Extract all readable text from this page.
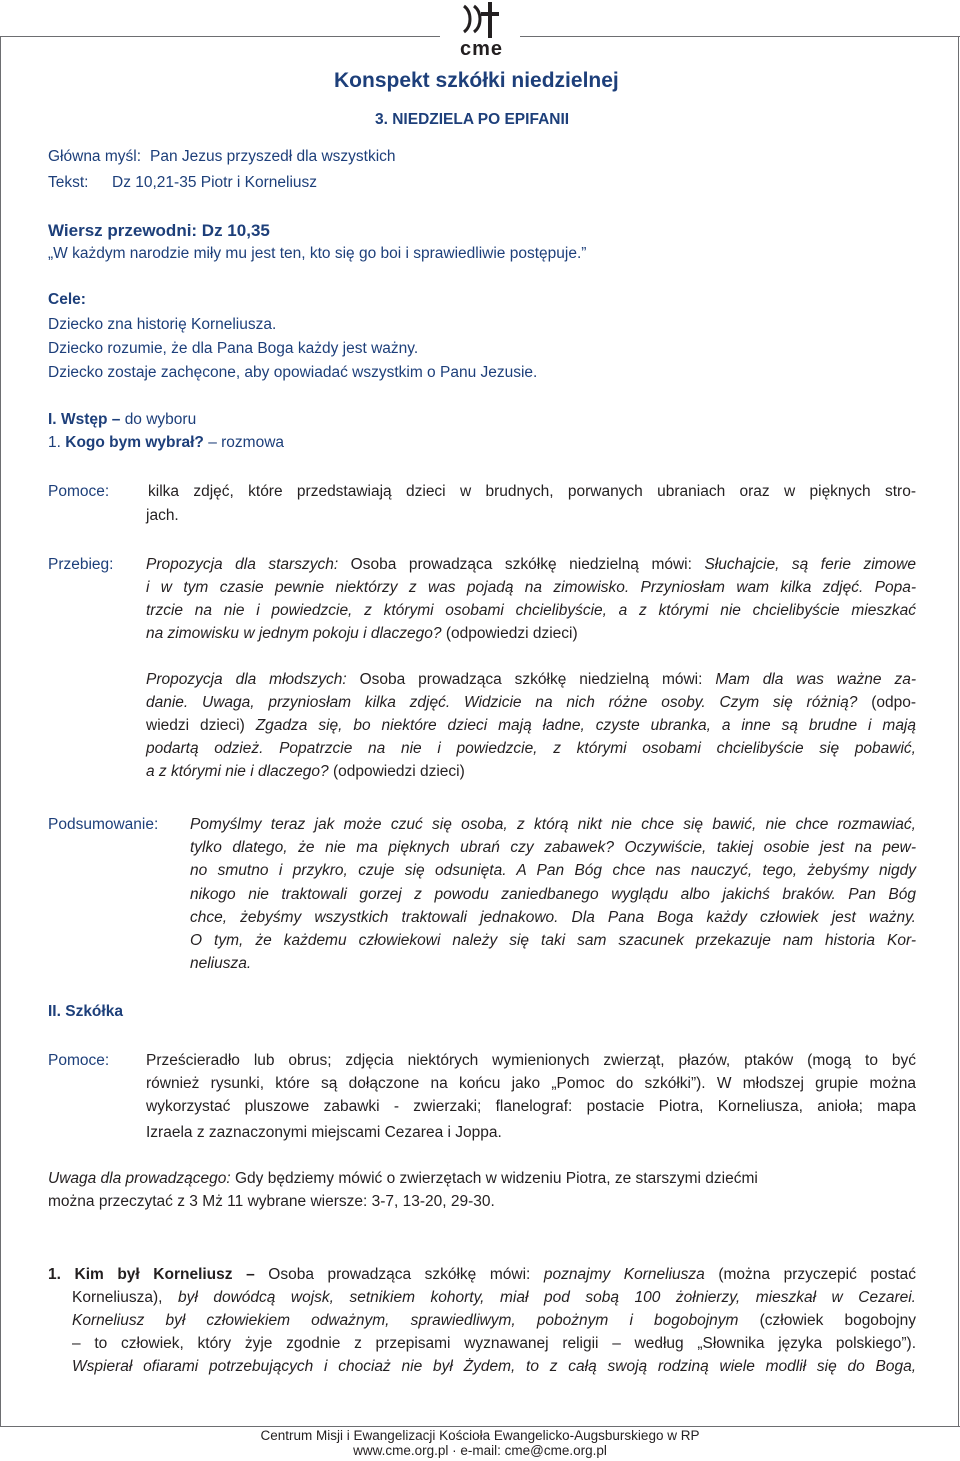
cme
Konspekt szkółki niedzielnej
3. NIEDZIELA PO EPIFANII
Główna myśl: Pan Jezus przyszedł dla wszystkich
Tekst: Dz 10,21-35 Piotr i Korneliusz
Wiersz przewodni: Dz 10,35
„W każdym narodzie miły mu jest ten, kto się go boi i sprawiedliwie postępuje.”
Cele:
Dziecko zna historię Korneliusza.
Dziecko rozumie, że dla Pana Boga każdy jest ważny.
Dziecko zostaje zachęcone, aby opowiadać wszystkim o Panu Jezusie.
I. Wstęp – do wyboru
1. Kogo bym wybrał? – rozmowa
Pomoce:	kilka zdjęć, które przedstawiają dzieci w brudnych, porwanych ubraniach oraz w pięknych stro-
jach.
Przebieg: Propozycja dla starszych: Osoba prowadząca szkółkę niedzielną mówi: Słuchajcie, są ferie zimowe
i w tym czasie pewnie niektórzy z was pojadą na zimowisko. Przyniosłam wam kilka zdjęć. Popa-
trzcie na nie i powiedzcie, z którymi osobami chcielibyście, a z którymi nie chcielibyście mieszkać
na zimowisku w jednym pokoju i dlaczego? (odpowiedzi dzieci)
Propozycja dla młodszych: Osoba prowadząca szkółkę niedzielną mówi: Mam dla was ważne za-
danie. Uwaga, przyniosłam kilka zdjęć. Widzicie na nich różne osoby. Czym się różnią? (odpo-
wiedzi dzieci) Zgadza się, bo niektóre dzieci mają ładne, czyste ubranka, a inne są brudne i mają
podartą odzież. Popatrzcie na nie i powiedzcie, z którymi osobami chcielibyście się pobawić,
a z którymi nie i dlaczego? (odpowiedzi dzieci)
Podsumowanie: Pomyślmy teraz jak może czuć się osoba, z którą nikt nie chce się bawić, nie chce rozmawiać,
tylko dlatego, że nie ma pięknych ubrań czy zabawek? Oczywiście, takiej osobie jest na pew-
no smutno i przykro, czuje się odsunięta. A Pan Bóg chce nas nauczyć, tego, żebyśmy nigdy
nikogo nie traktowali gorzej z powodu zaniedbanego wyglądu albo jakichś braków. Pan Bóg
chce, żebyśmy wszystkich traktowali jednakowo. Dla Pana Boga każdy człowiek jest ważny.
O tym, że każdemu człowiekowi należy się taki sam szacunek przekazuje nam historia Kor-
neliusza.
II. Szkółka
Pomoce: Prześcieradło lub obrus; zdjęcia niektórych wymienionych zwierząt, płazów, ptaków (mogą to być
również rysunki, które są dołączone na końcu jako „Pomoc do szkółki”). W młodszej grupie można
wykorzystać pluszowe zabawki - zwierzaki; flanelograf: postacie Piotra, Korneliusza, anioła; mapa
Izraela z zaznaczonymi miejscami Cezarea i Joppa.
Uwaga dla prowadzącego: Gdy będziemy mówić o zwierzętach w widzeniu Piotra, ze starszymi dziećmi
można przeczytać z 3 Mż 11 wybrane wiersze: 3-7, 13-20, 29-30.
1. Kim był Korneliusz – Osoba prowadząca szkółkę mówi: poznajmy Korneliusza (można przyczepić postać
Korneliusza), był dowódcą wojsk, setnikiem kohorty, miał pod sobą 100 żołnierzy, mieszkał w Cezarei.
Korneliusz był człowiekiem odważnym, sprawiedliwym, pobożnym i bogobojnym (człowiek bogobojny
– to człowiek, który żyje zgodnie z przepisami wyznawanej religii – według „Słownika języka polskiego”).
Wspierał ofiarami potrzebujących i chociaż nie był Żydem, to z całą swoją rodziną wiele modlił się do Boga,
Centrum Misji i Ewangelizacji Kościoła Ewangelicko-Augsburskiego w RP
www.cme.org.pl · e-mail: cme@cme.org.pl
